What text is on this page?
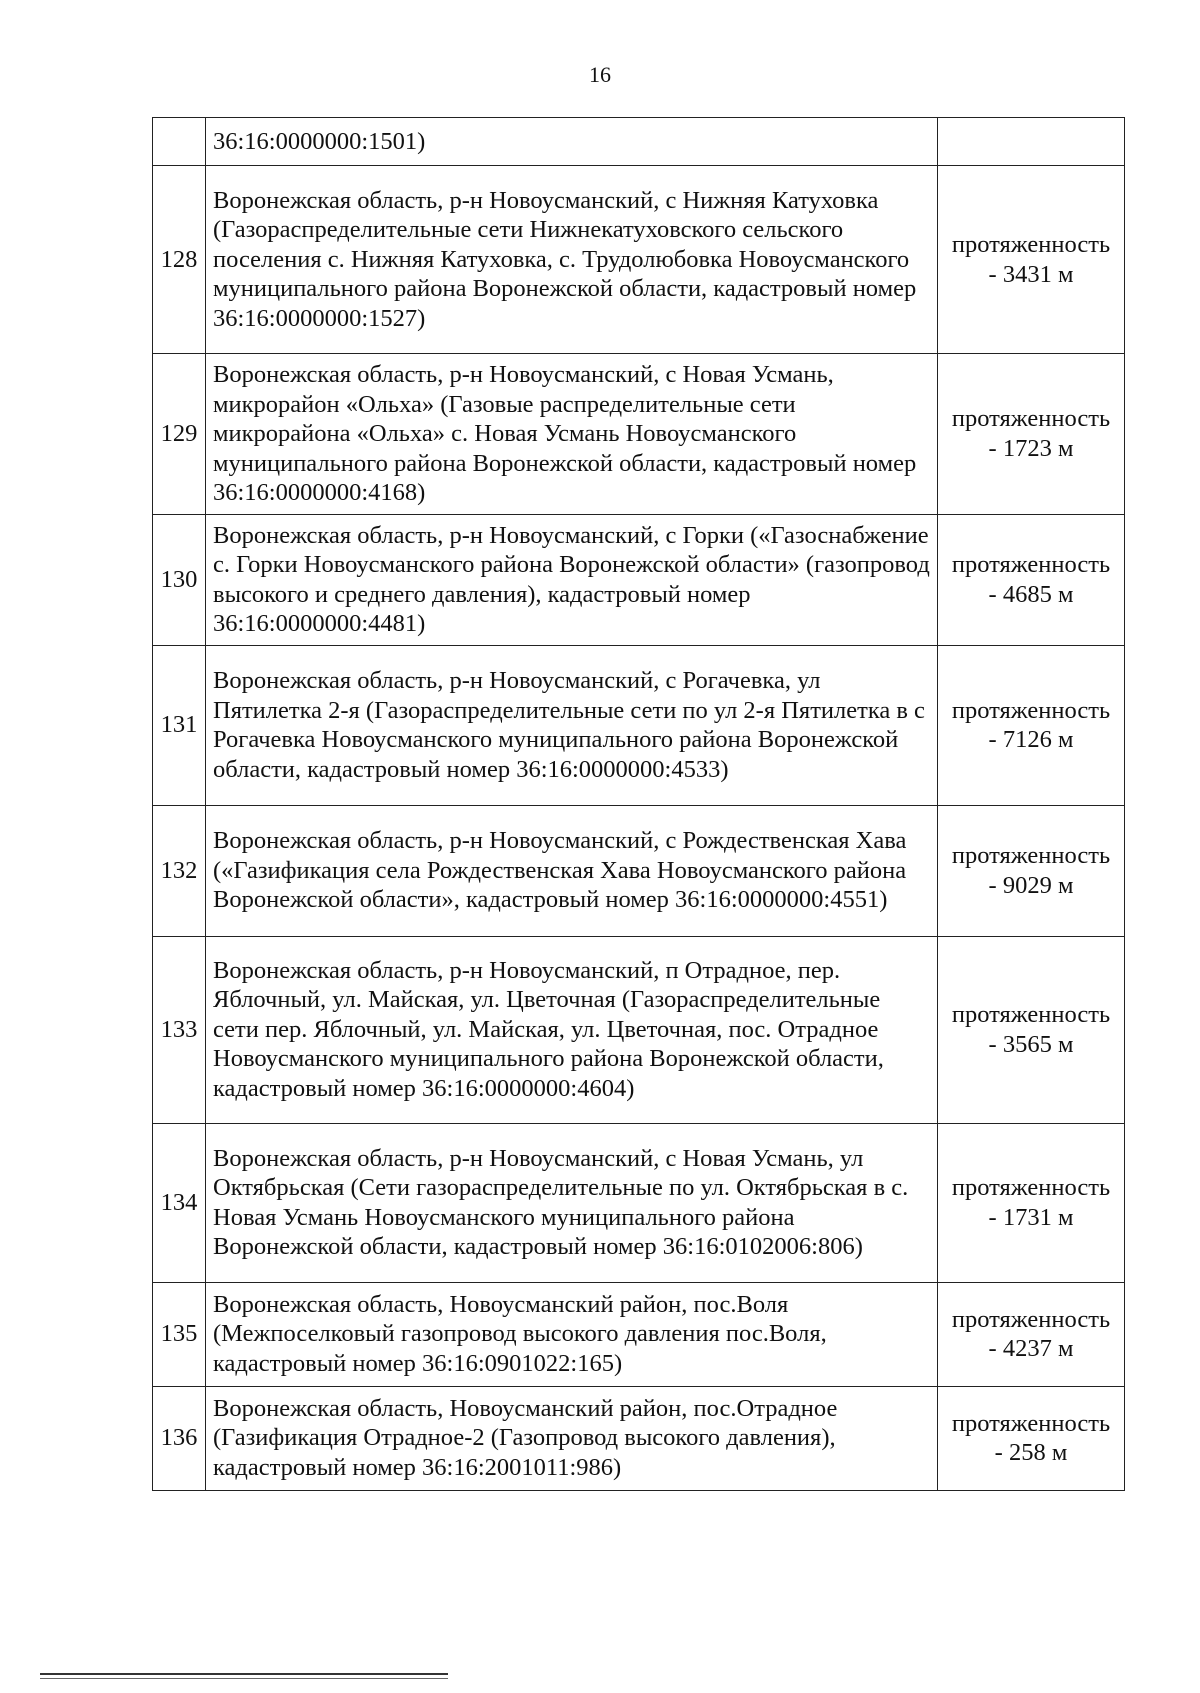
16
	36:16:0000000:1501)	
128	Воронежская область, р-н Новоусманский, с Нижняя Катуховка (Газораспределительные сети Нижнекатуховского сельского поселения с. Нижняя Катуховка, с. Трудолюбовка Новоусманского муниципального района Воронежской области, кадастровый номер 36:16:0000000:1527)	протяженность
- 3431 м

129	Воронежская область, р-н Новоусманский, с Новая Усмань, микрорайон «Ольха» (Газовые распределительные сети микрорайона «Ольха» с. Новая Усмань Новоусманского муниципального района Воронежской области, кадастровый номер 36:16:0000000:4168)	протяженность
- 1723 м

130	Воронежская область, р-н Новоусманский, с Горки («Газоснабжение с. Горки Новоусманского района Воронежской области» (газопровод высокого и среднего давления), кадастровый номер 36:16:0000000:4481)	протяженность
- 4685 м

131	Воронежская область, р-н Новоусманский, с Рогачевка, ул Пятилетка 2-я (Газораспределительные сети по ул 2-я Пятилетка в с Рогачевка Новоусманского муниципального района Воронежской области, кадастровый номер 36:16:0000000:4533)	протяженность
- 7126 м

132	Воронежская область, р-н Новоусманский, с Рождественская Хава («Газификация села Рождественская Хава Новоусманского района Воронежской области», кадастровый номер 36:16:0000000:4551)	протяженность
- 9029 м

133	Воронежская область, р-н Новоусманский, п Отрадное, пер. Яблочный, ул. Майская, ул. Цветочная (Газораспределительные сети пер. Яблочный, ул. Майская, ул. Цветочная, пос. Отрадное Новоусманского муниципального района Воронежской области, кадастровый номер 36:16:0000000:4604)	протяженность
- 3565 м

134	Воронежская область, р-н Новоусманский, с Новая Усмань, ул Октябрьская (Сети газораспределительные по ул. Октябрьская в с. Новая Усмань Новоусманского муниципального района Воронежской области, кадастровый номер 36:16:0102006:806)	протяженность
- 1731 м

135	Воронежская область, Новоусманский район, пос.Воля (Межпоселковый газопровод высокого давления пос.Воля, кадастровый номер 36:16:0901022:165)	протяженность
- 4237 м

136	Воронежская область, Новоусманский район, пос.Отрадное (Газификация Отрадное-2 (Газопровод высокого давления), кадастровый номер 36:16:2001011:986)	протяженность
- 258 м
